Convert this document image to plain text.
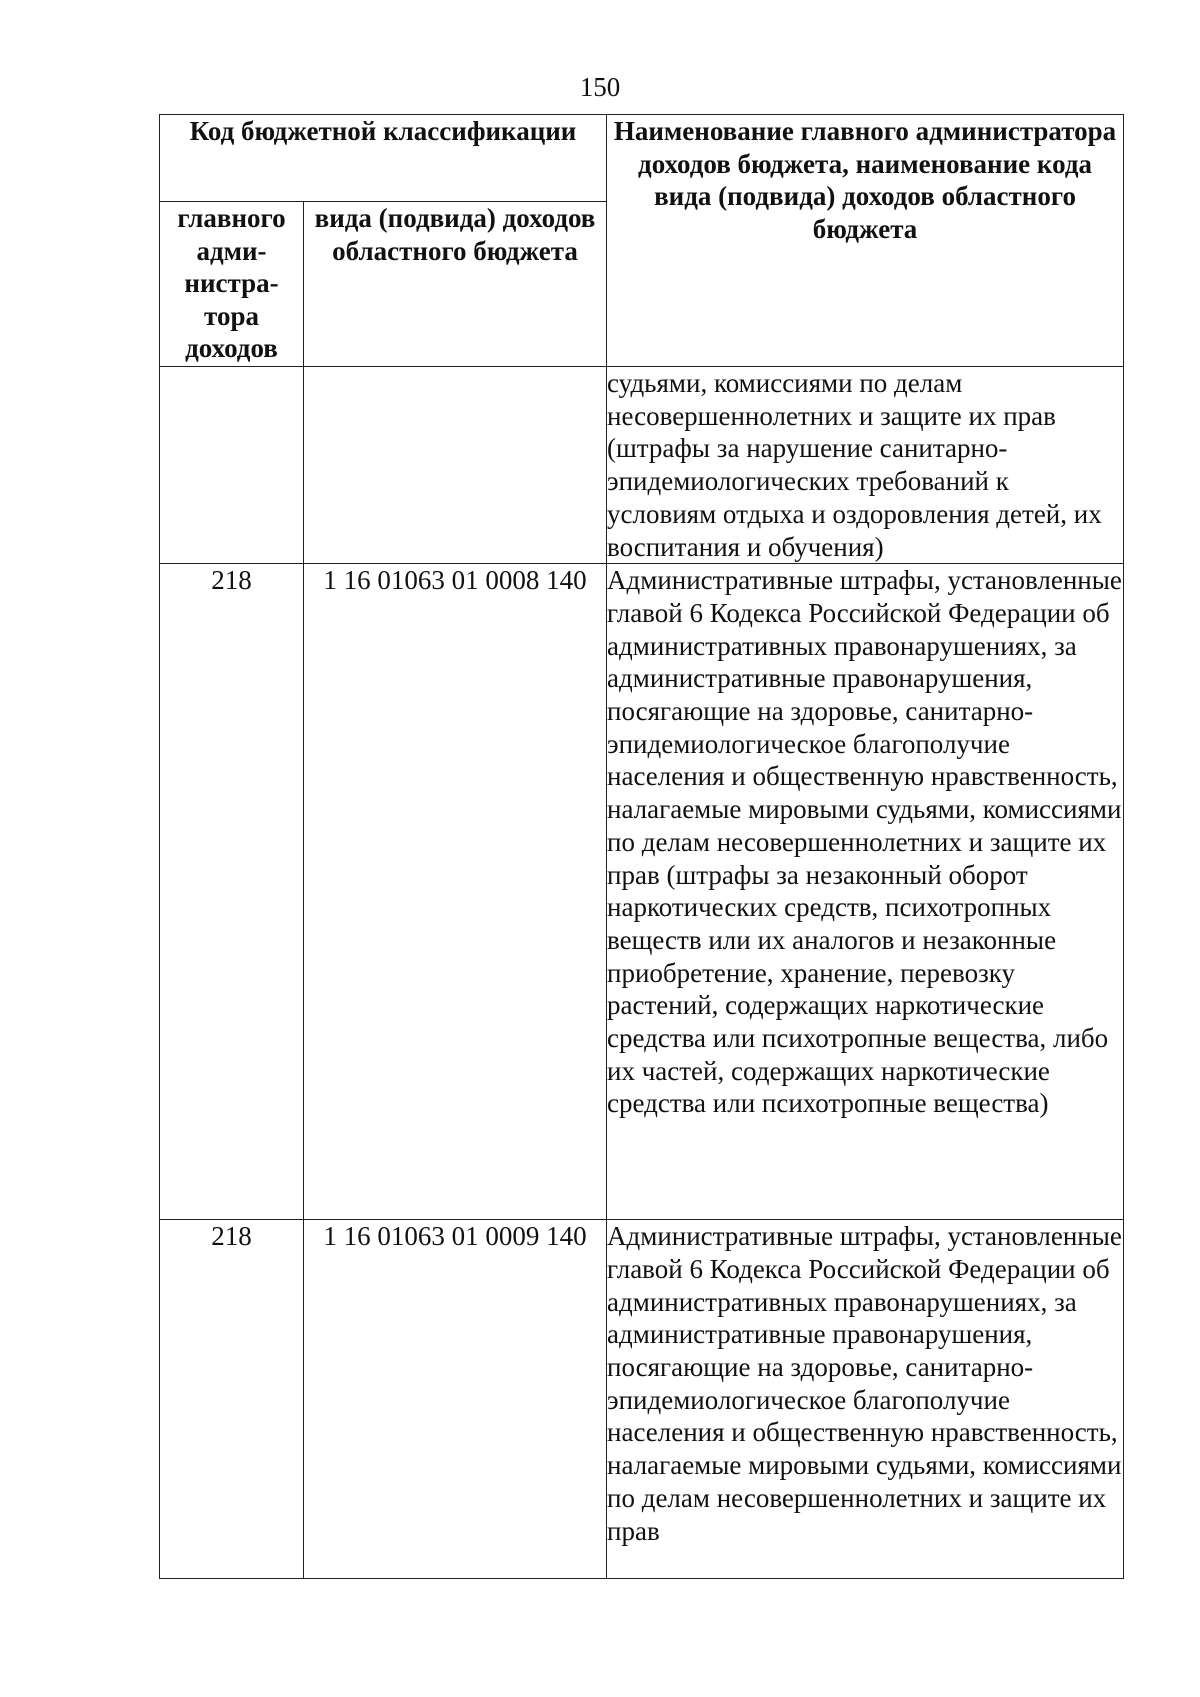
150
Код бюджетной классификации		Наименование главного администратора доходов бюджета, наименование кода вида (подвида) доходов областного бюджета
главного адми-нистра-тора доходов	вида (подвида) доходов областного бюджета	
		судьями, комиссиями по делам несовершеннолетних и защите их прав (штрафы за нарушение санитарно-эпидемиологических требований к условиям отдыха и оздоровления детей, их воспитания и обучения)
218	1 16 01063 01 0008 140	Административные штрафы, установленные главой 6 Кодекса Российской Федерации об административных правонарушениях, за административные правонарушения, посягающие на здоровье, санитарно-эпидемиологическое благополучие населения и общественную нравственность, налагаемые мировыми судьями, комиссиями по делам несовершеннолетних и защите их прав (штрафы за незаконный оборот наркотических средств, психотропных веществ или их аналогов и незаконные приобретение, хранение, перевозку растений, содержащих наркотические средства или психотропные вещества, либо их частей, содержащих наркотические средства или психотропные вещества)
218	1 16 01063 01 0009 140	Административные штрафы, установленные главой 6 Кодекса Российской Федерации об административных правонарушениях, за административные правонарушения, посягающие на здоровье, санитарно-эпидемиологическое благополучие населения и общественную нравственность, налагаемые мировыми судьями, комиссиями по делам несовершеннолетних и защите их прав
